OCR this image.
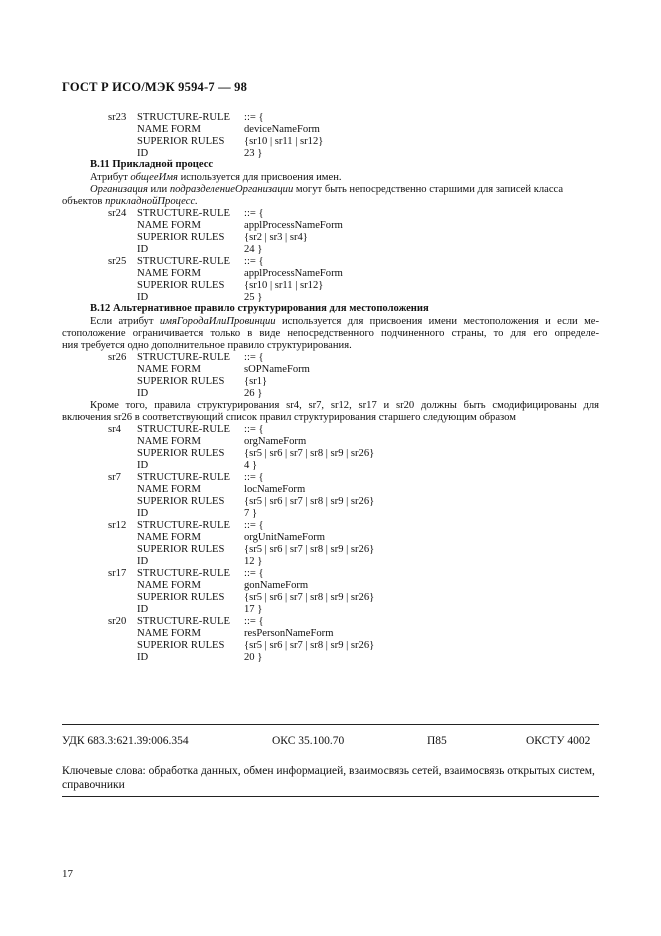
ГОСТ Р ИСО/МЭК 9594-7 — 98
sr23 STRUCTURE-RULE ::= {
NAME FORM	deviceNameForm
SUPERIOR RULES {sr10 | sr11 | sr12}
ID	23 }
В.11 Прикладной процесс
Атрибут общееИмя используется для присвоения имен.
Организация или подразделениеОрганизации могут быть непосредственно старшими для записей класса
объектов прикладнойПроцесс.
sr24 STRUCTURE-RULE ::= {
NAME FORM	applProcessNameForm
SUPERIOR RULES {sr2 | sr3 | sr4}
ID	24 }
sr25 STRUCTURE-RULE ::= {
NAME FORM	applProcessNameForm
SUPERIOR RULES {sr10 | sr11 | sr12}
ID	25 }
В.12 Альтернативное правило структурирования для местоположения
Если атрибут имяГородаИлиПровинции используется для присвоения имени местоположения и если ме-
стоположение ограничивается только в виде непосредственного подчиненного страны, то для его определе-
ния требуется одно дополнительное правило структурирования.
sr26 STRUCTURE-RULE ::= {
NAME FORM	sOPNameForm
SUPERIOR RULES {sr1}
ID	26 }
Кроме того, правила структурирования sr4, sr7, sr12, sr17 и sr20 должны быть смодифицированы для
включения sr26 в соответствующий список правил структурирования старшего следующим образом
sr4 STRUCTURE-RULE ::= {
NAME FORM	orgNameForm
SUPERIOR RULES {sr5 | sr6 | sr7 | sr8 | sr9 | sr26}
ID	4 }
sr7 STRUCTURE-RULE ::= {
NAME FORM	locNameForm
SUPERIOR RULES {sr5 | sr6 | sr7 | sr8 | sr9 | sr26}
ID	7 }
sr12 STRUCTURE-RULE ::= {
NAME FORM	orgUnitNameForm
SUPERIOR RULES {sr5 | sr6 | sr7 | sr8 | sr9 | sr26}
ID	12 }
sr17 STRUCTURE-RULE ::= {
NAME FORM	gonNameForm
SUPERIOR RULES {sr5 | sr6 | sr7 | sr8 | sr9 | sr26}
ID	17 }
sr20 STRUCTURE-RULE ::= {
NAME FORM	resPersonNameForm
SUPERIOR RULES {sr5 | sr6 | sr7 | sr8 | sr9 | sr26}
ID	20 }
УДК 683.3:621.39:006.354	ОКС 35.100.70	П85	ОКСТУ 4002
Ключевые слова: обработка данных, обмен информацией, взаимосвязь сетей, взаимосвязь открытых систем, справочники
17
